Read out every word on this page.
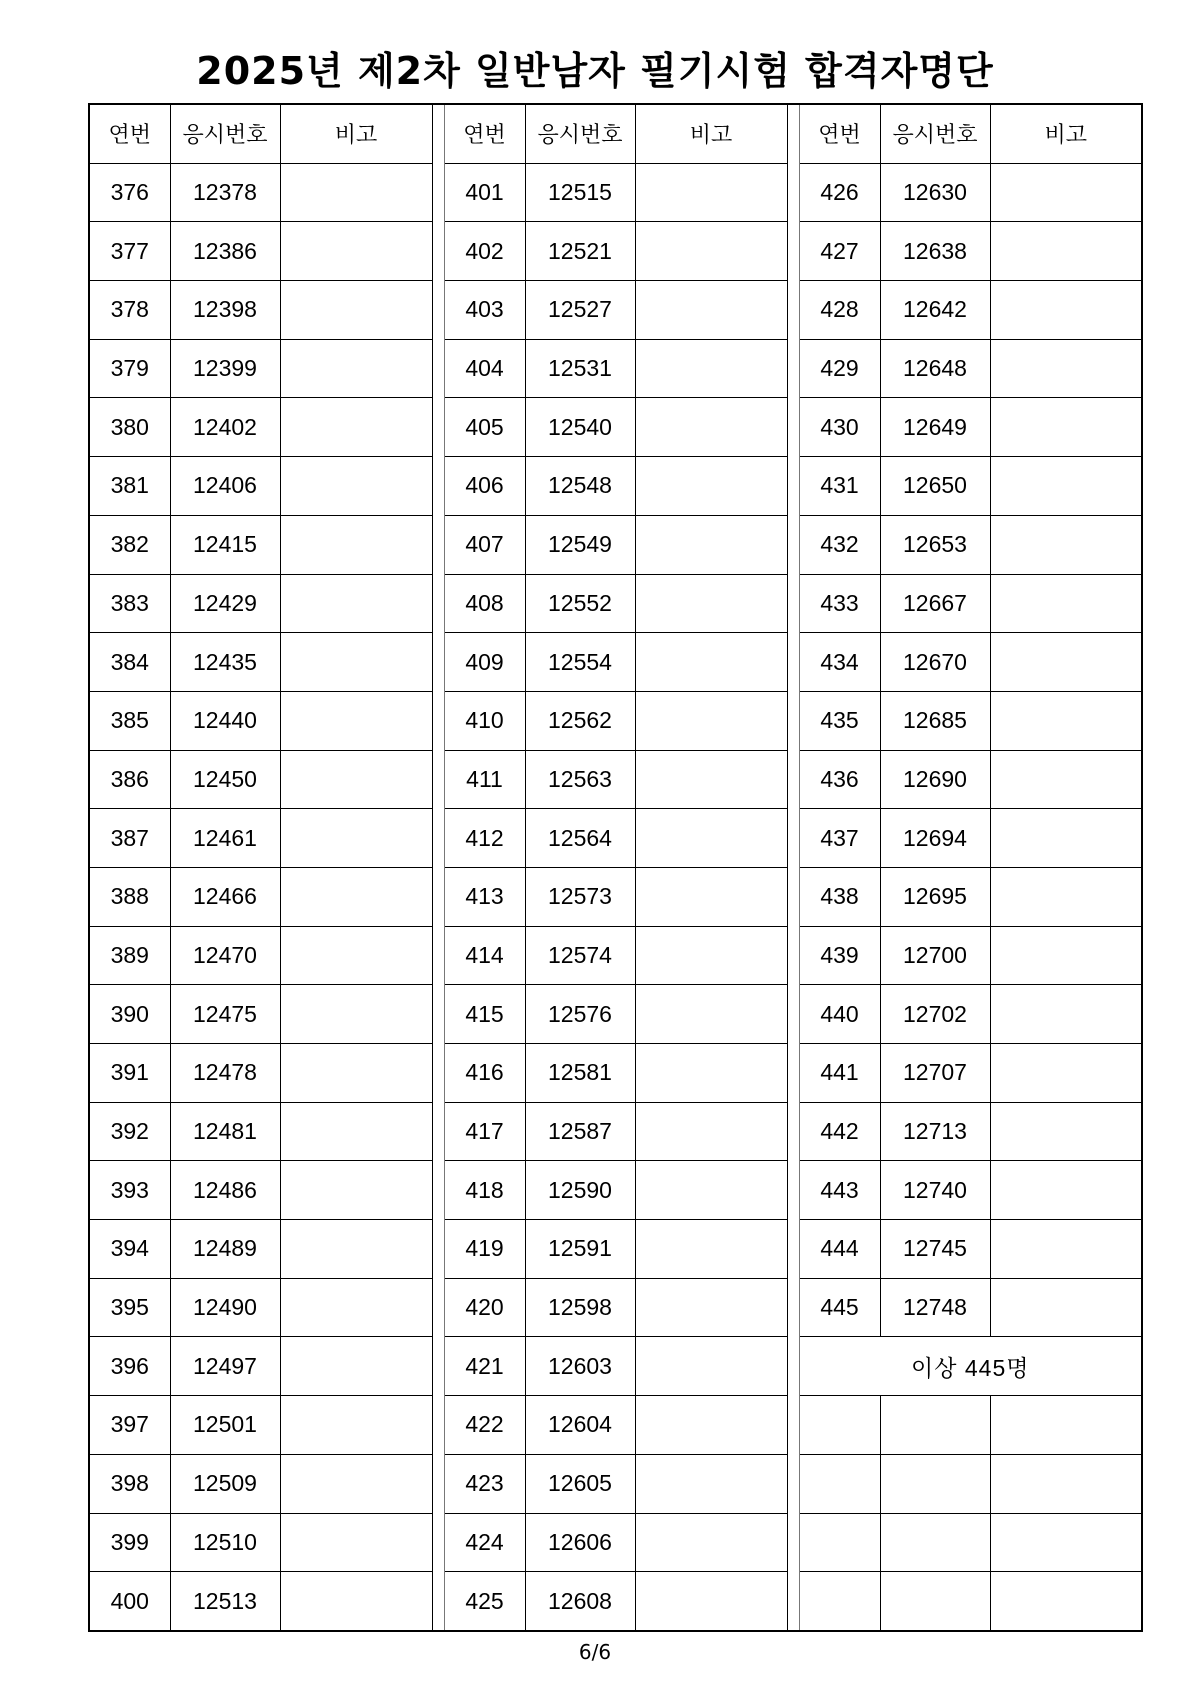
2025년 제2차 일반남자 필기시험 합격자명단
연번	응시번호	비고		연번	응시번호	비고		연번	응시번호	비고
376	12378			401	12515			426	12630	
377	12386			402	12521			427	12638	
378	12398			403	12527			428	12642	
379	12399			404	12531			429	12648	
380	12402			405	12540			430	12649	
381	12406			406	12548			431	12650	
382	12415			407	12549			432	12653	
383	12429			408	12552			433	12667	
384	12435			409	12554			434	12670	
385	12440			410	12562			435	12685	
386	12450			411	12563			436	12690	
387	12461			412	12564			437	12694	
388	12466			413	12573			438	12695	
389	12470			414	12574			439	12700	
390	12475			415	12576			440	12702	
391	12478			416	12581			441	12707	
392	12481			417	12587			442	12713	
393	12486			418	12590			443	12740	
394	12489			419	12591			444	12745	
395	12490			420	12598			445	12748	
396	12497			421	12603			이상 445명		
397	12501			422	12604					
398	12509			423	12605					
399	12510			424	12606					
400	12513			425	12608					
6/6
